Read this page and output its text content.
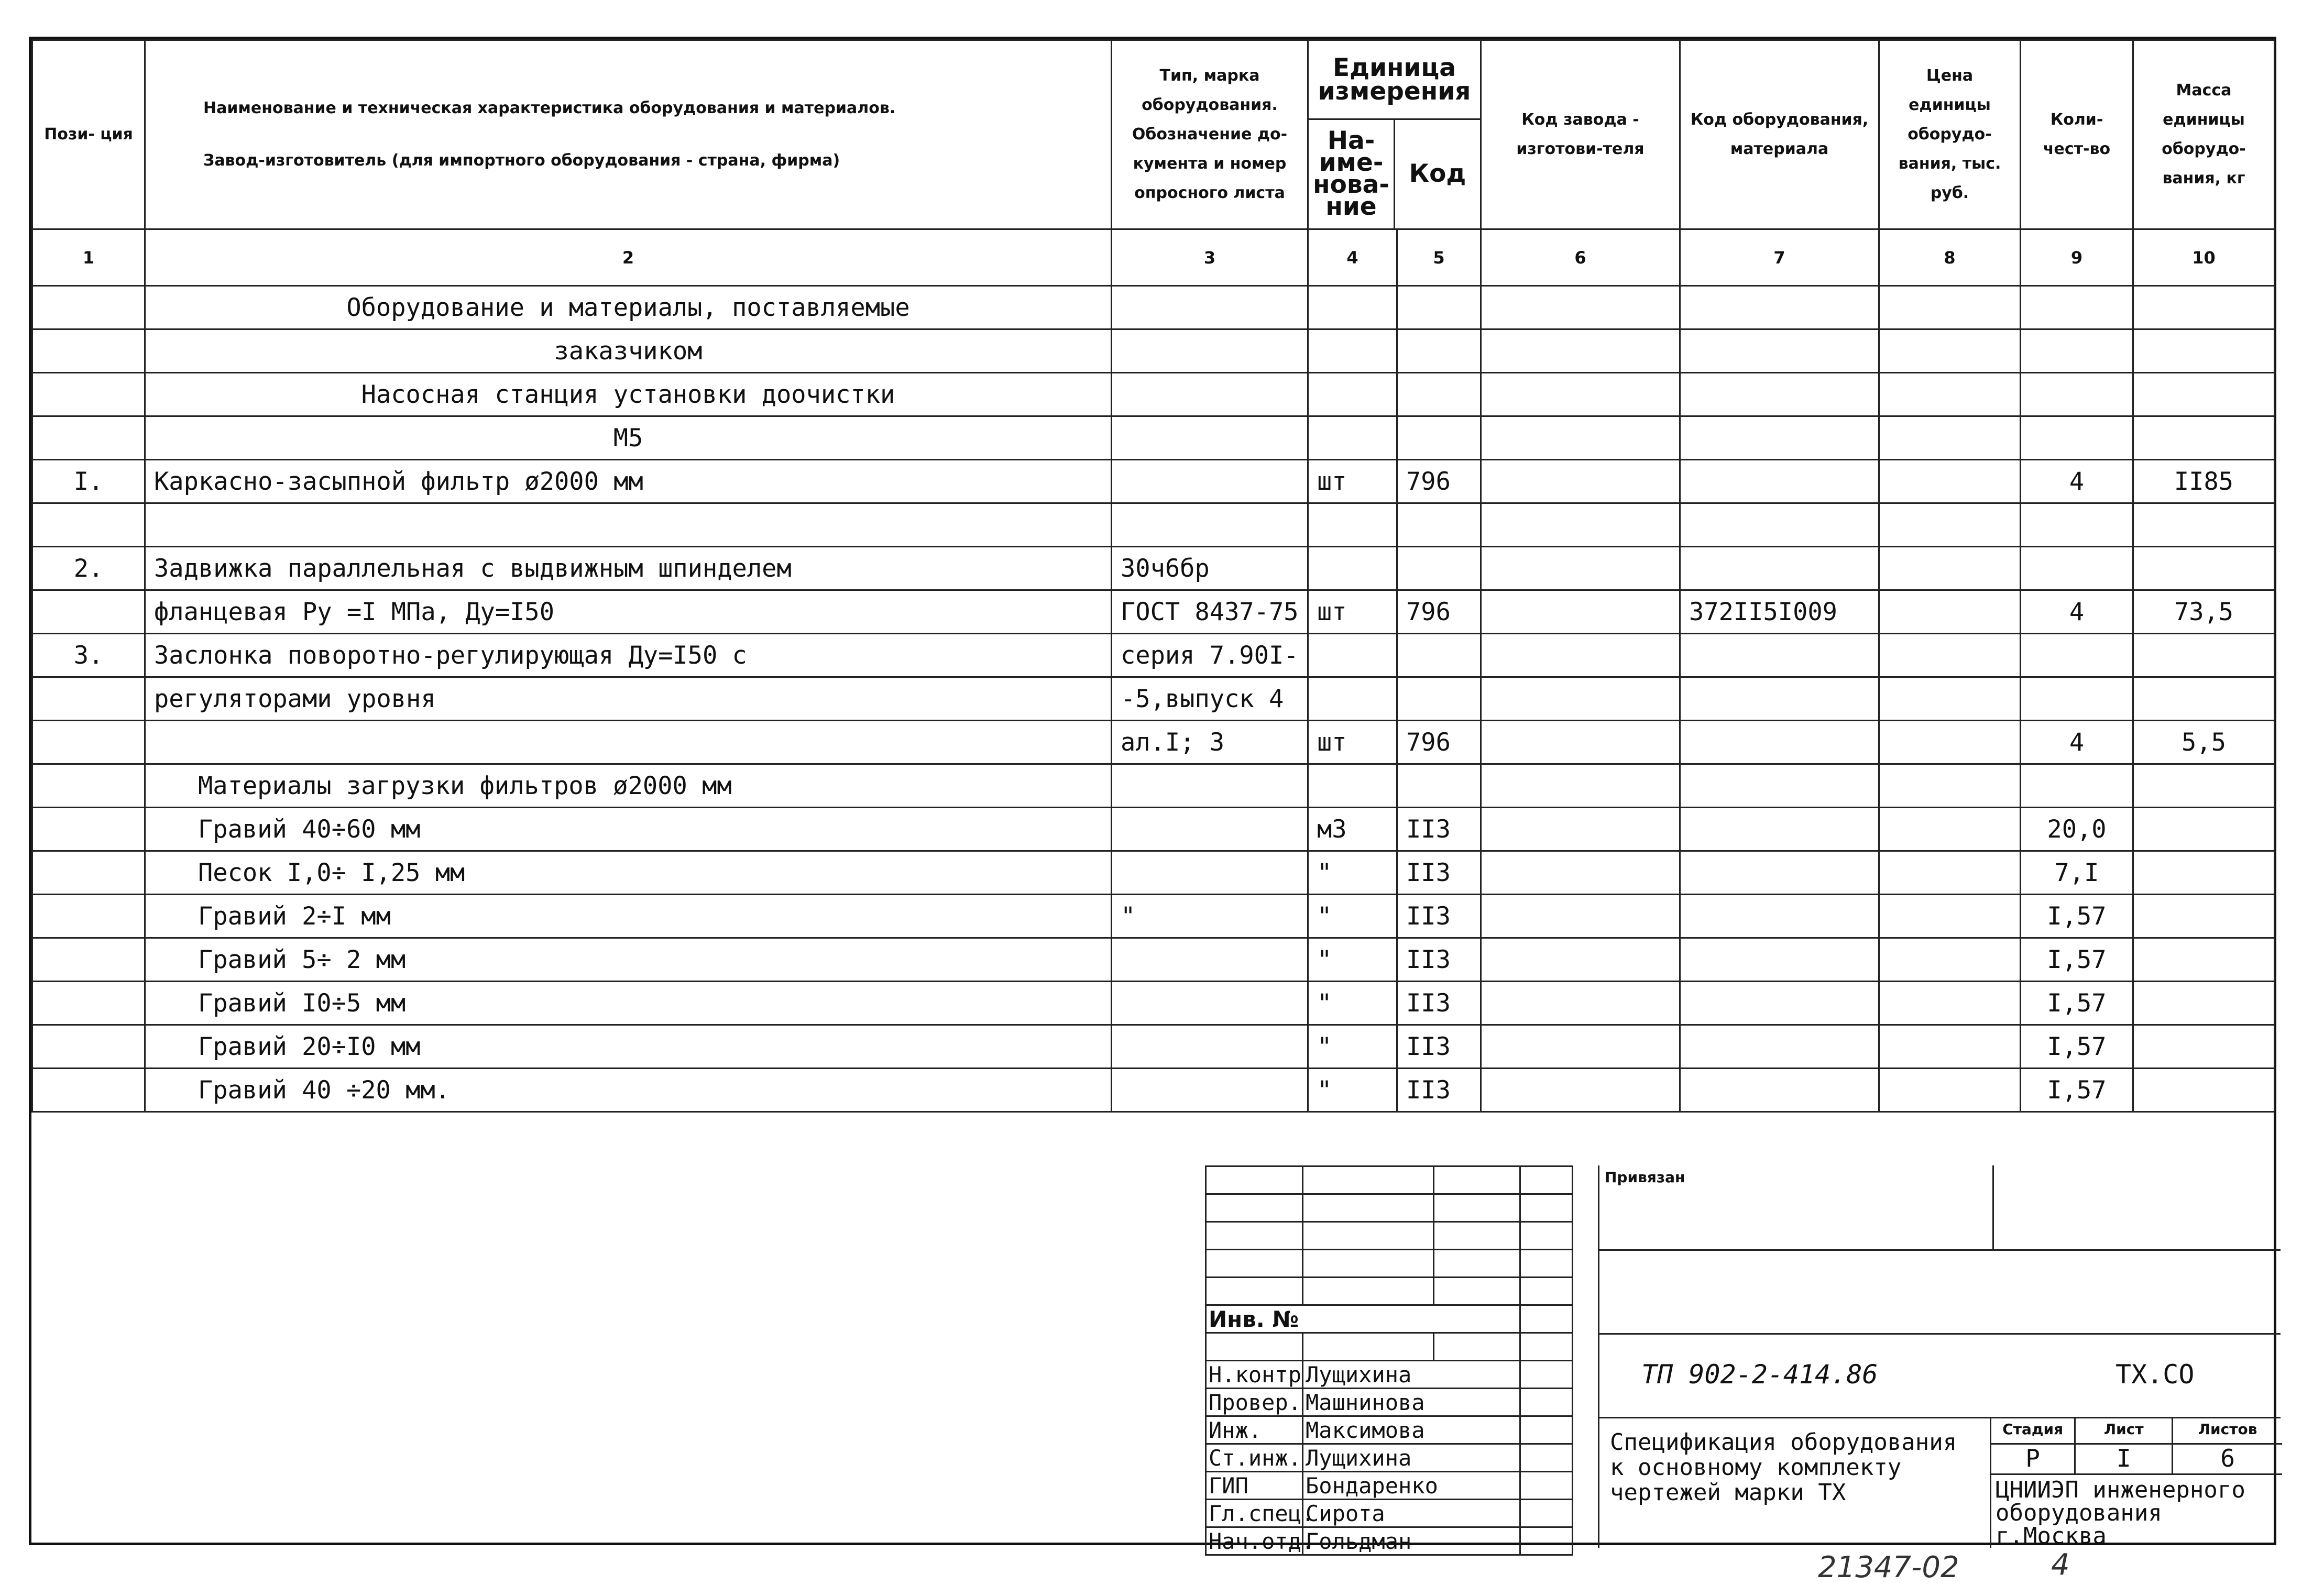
Пози- ция	
Наименование и техническая характеристика оборудования и материалов.
Завод-изготовитель (для импортного оборудования - страна, фирма)
	Тип, марка оборудования. Обозначение до-кумента и номер опросного листа	
Единица измерения
На-име-нова-ние	Код
	Код завода - изготови-теля	Код оборудования, материала	Цена единицы оборудо-вания, тыс. руб.	Коли-чест-во	Масса единицы оборудо-вания, кг
1	2	3	4	5	6	7	8	9	10
	Оборудование и материалы, поставляемые								
	заказчиком								
	Насосная станция установки доочистки								
	M5								
I.	Каркасно-засыпной фильтр ø2000 мм		шт	796				4	II85

2.	Задвижка параллельная с выдвижным шпинделем	30ч6бр							
	фланцевая Ру =I МПа, Ду=I50	ГОСТ 8437-75	шт	796		372II5I009		4	73,5
3.	Заслонка поворотно-регулирующая Ду=I50 с	серия 7.90I-							
	регуляторами уровня	-5,выпуск 4							
		ал.I; 3	шт	796				4	5,5
	Материалы загрузки фильтров ø2000 мм								
	Гравий 40÷60 мм		м3	II3				20,0	
	Песок I,0÷ I,25 мм		"	II3				7,I	
	Гравий 2÷I мм	"	"	II3				I,57	
	Гравий 5÷ 2 мм		"	II3				I,57	
	Гравий I0÷5 мм		"	II3				I,57	
	Гравий 20÷I0 мм		"	II3				I,57	
	Гравий 40 ÷20 мм.		"	II3				I,57	

Инв. №			

Н.контр	Лущихина		
Провер.	Машнинова		
Инж.	Максимова		
Ст.инж.	Лущихина		
ГИП	Бондаренко		
Гл.спец.	Сирота		
Нач.отд.	Гольдман		
Привязан
ТП 902-2-414.86	ТХ.СО
Спецификация оборудования к основному комплекту чертежей марки ТХ
Стадия	Лист	Листов
Р	I	6
ЦНИИЭП инженерного оборудования г.Москва
21347-02	4
